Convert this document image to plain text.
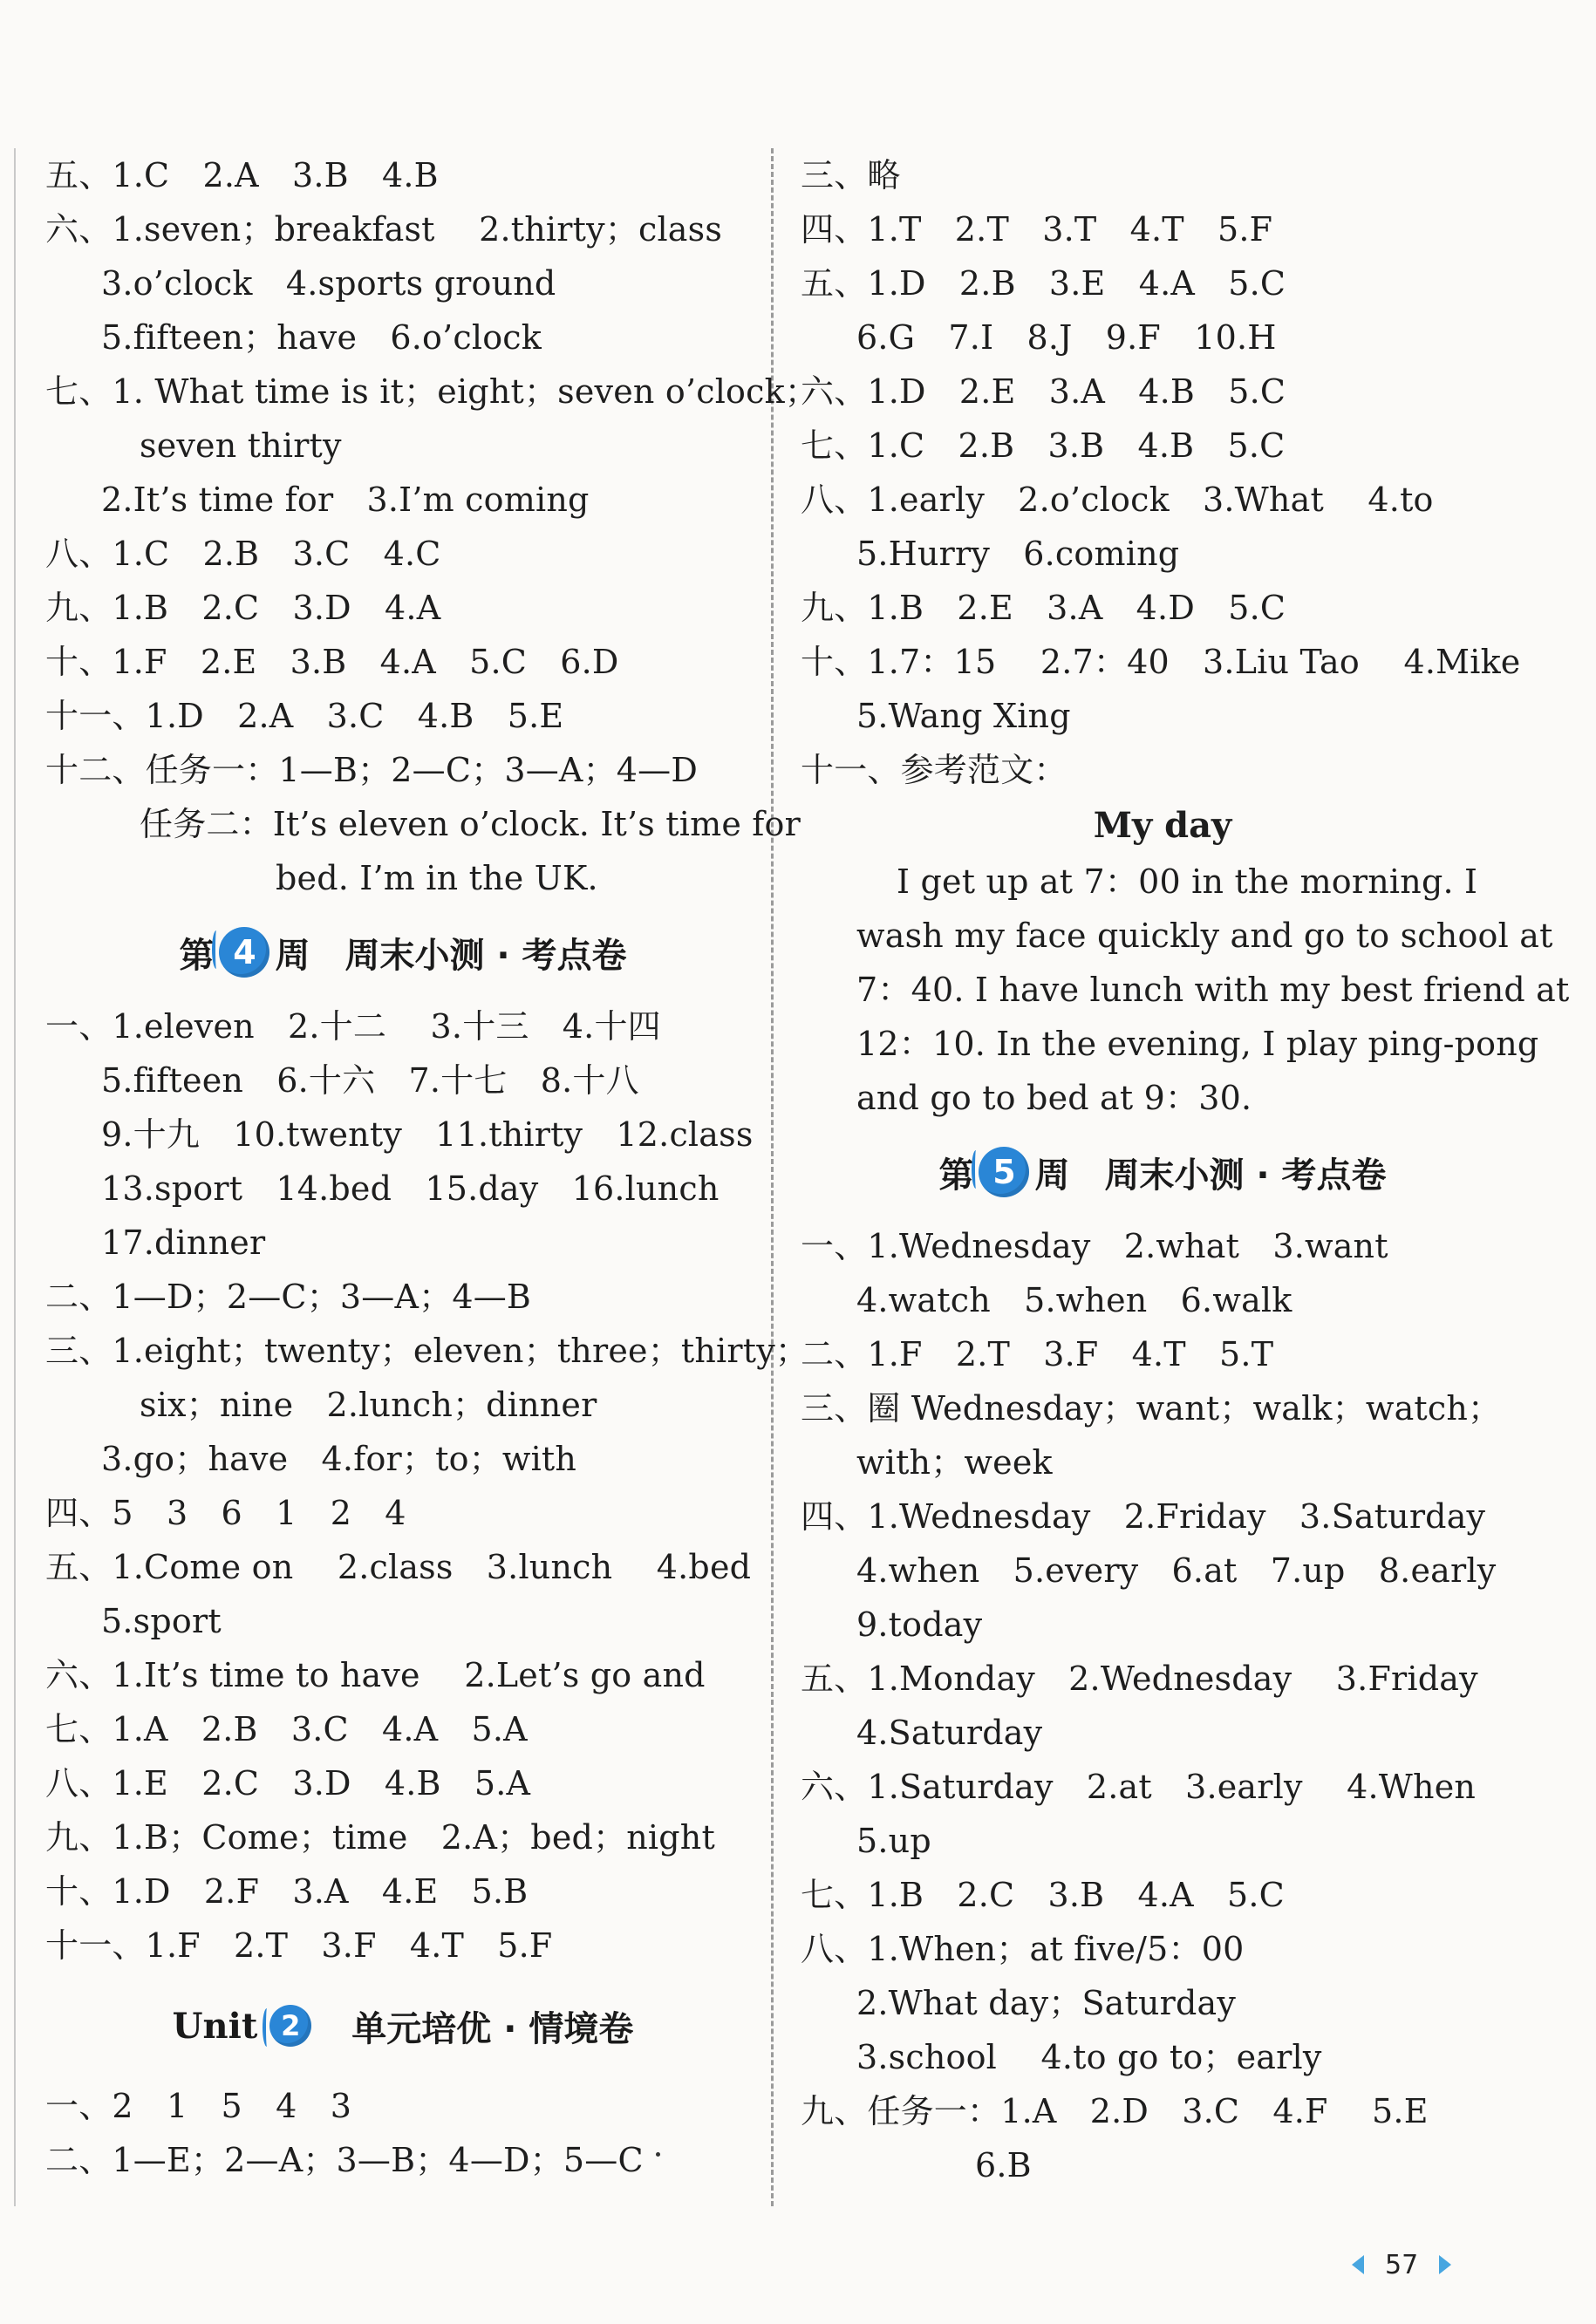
五、1.C　2.A　3.B　4.B
六、1.seven；breakfast　 2.thirty；class
3.o’clock　4.sports ground
5.fifteen；have　6.o’clock
七、1. What time is it；eight；seven o’clock；
seven thirty
2.It’s time for　3.I’m coming
八、1.C　2.B　3.C　4.C
九、1.B　2.C　3.D　4.A
十、1.F　2.E　3.B　4.A　5.C　6.D
十一、1.D　2.A　3.C　4.B　5.E
十二、任务一：1—B；2—C；3—A；4—D
任务二：It’s eleven o’clock. It’s time for
bed. I’m in the UK.
第 4 周 周末小测 · 考点卷
一、1.eleven　2.十二　 3.十三　4.十四
5.fifteen　6.十六　7.十七　8.十八
9.十九　10.twenty　11.thirty　12.class
13.sport　14.bed　15.day　16.lunch
17.dinner
二、1—D；2—C；3—A；4—B
三、1.eight；twenty；eleven；three；thirty；
six；nine　2.lunch；dinner
3.go；have　4.for；to；with
四、5　3　6　1　2　4
五、1.Come on　 2.class　3.lunch　 4.bed
5.sport
六、1.It’s time to have　 2.Let’s go and
七、1.A　2.B　3.C　4.A　5.A
八、1.E　2.C　3.D　4.B　5.A
九、1.B；Come；time　2.A；bed；night
十、1.D　2.F　3.A　4.E　5.B
十一、1.F　2.T　3.F　4.T　5.F
Unit 2	单元培优 · 情境卷
一、2　1　5　4　3
二、1—E；2—A；3—B；4—D；5—C
三、略
四、1.T　2.T　3.T　4.T　5.F
五、1.D　2.B　3.E　4.A　5.C
6.G　7.I　8.J　9.F　10.H
六、1.D　2.E　3.A　4.B　5.C
七、1.C　2.B　3.B　4.B　5.C
八、1.early　2.o’clock　3.What　 4.to
5.Hurry　6.coming
九、1.B　2.E　3.A　4.D　5.C
十、1.7：15　 2.7：40　3.Liu Tao　 4.Mike
5.Wang Xing
十一、参考范文：
My day
I get up at 7：00 in the morning. I
wash my face quickly and go to school at
7：40. I have lunch with my best friend at
12：10. In the evening, I play ping-pong
and go to bed at 9：30.
第 5 周 周末小测 · 考点卷
一、1.Wednesday　2.what　3.want
4.watch　5.when　6.walk
二、1.F　2.T　3.F　4.T　5.T
三、圈 Wednesday；want；walk；watch；
with；week
四、1.Wednesday　2.Friday　3.Saturday
4.when　5.every　6.at　7.up　8.early
9.today
五、1.Monday　2.Wednesday　 3.Friday
4.Saturday
六、1.Saturday　2.at　3.early　 4.When
5.up
七、1.B　2.C　3.B　4.A　5.C
八、1.When；at five/5：00
2.What day；Saturday
3.school　 4.to go to；early
九、任务一：1.A　2.D　3.C　4.F　 5.E
6.B
57
